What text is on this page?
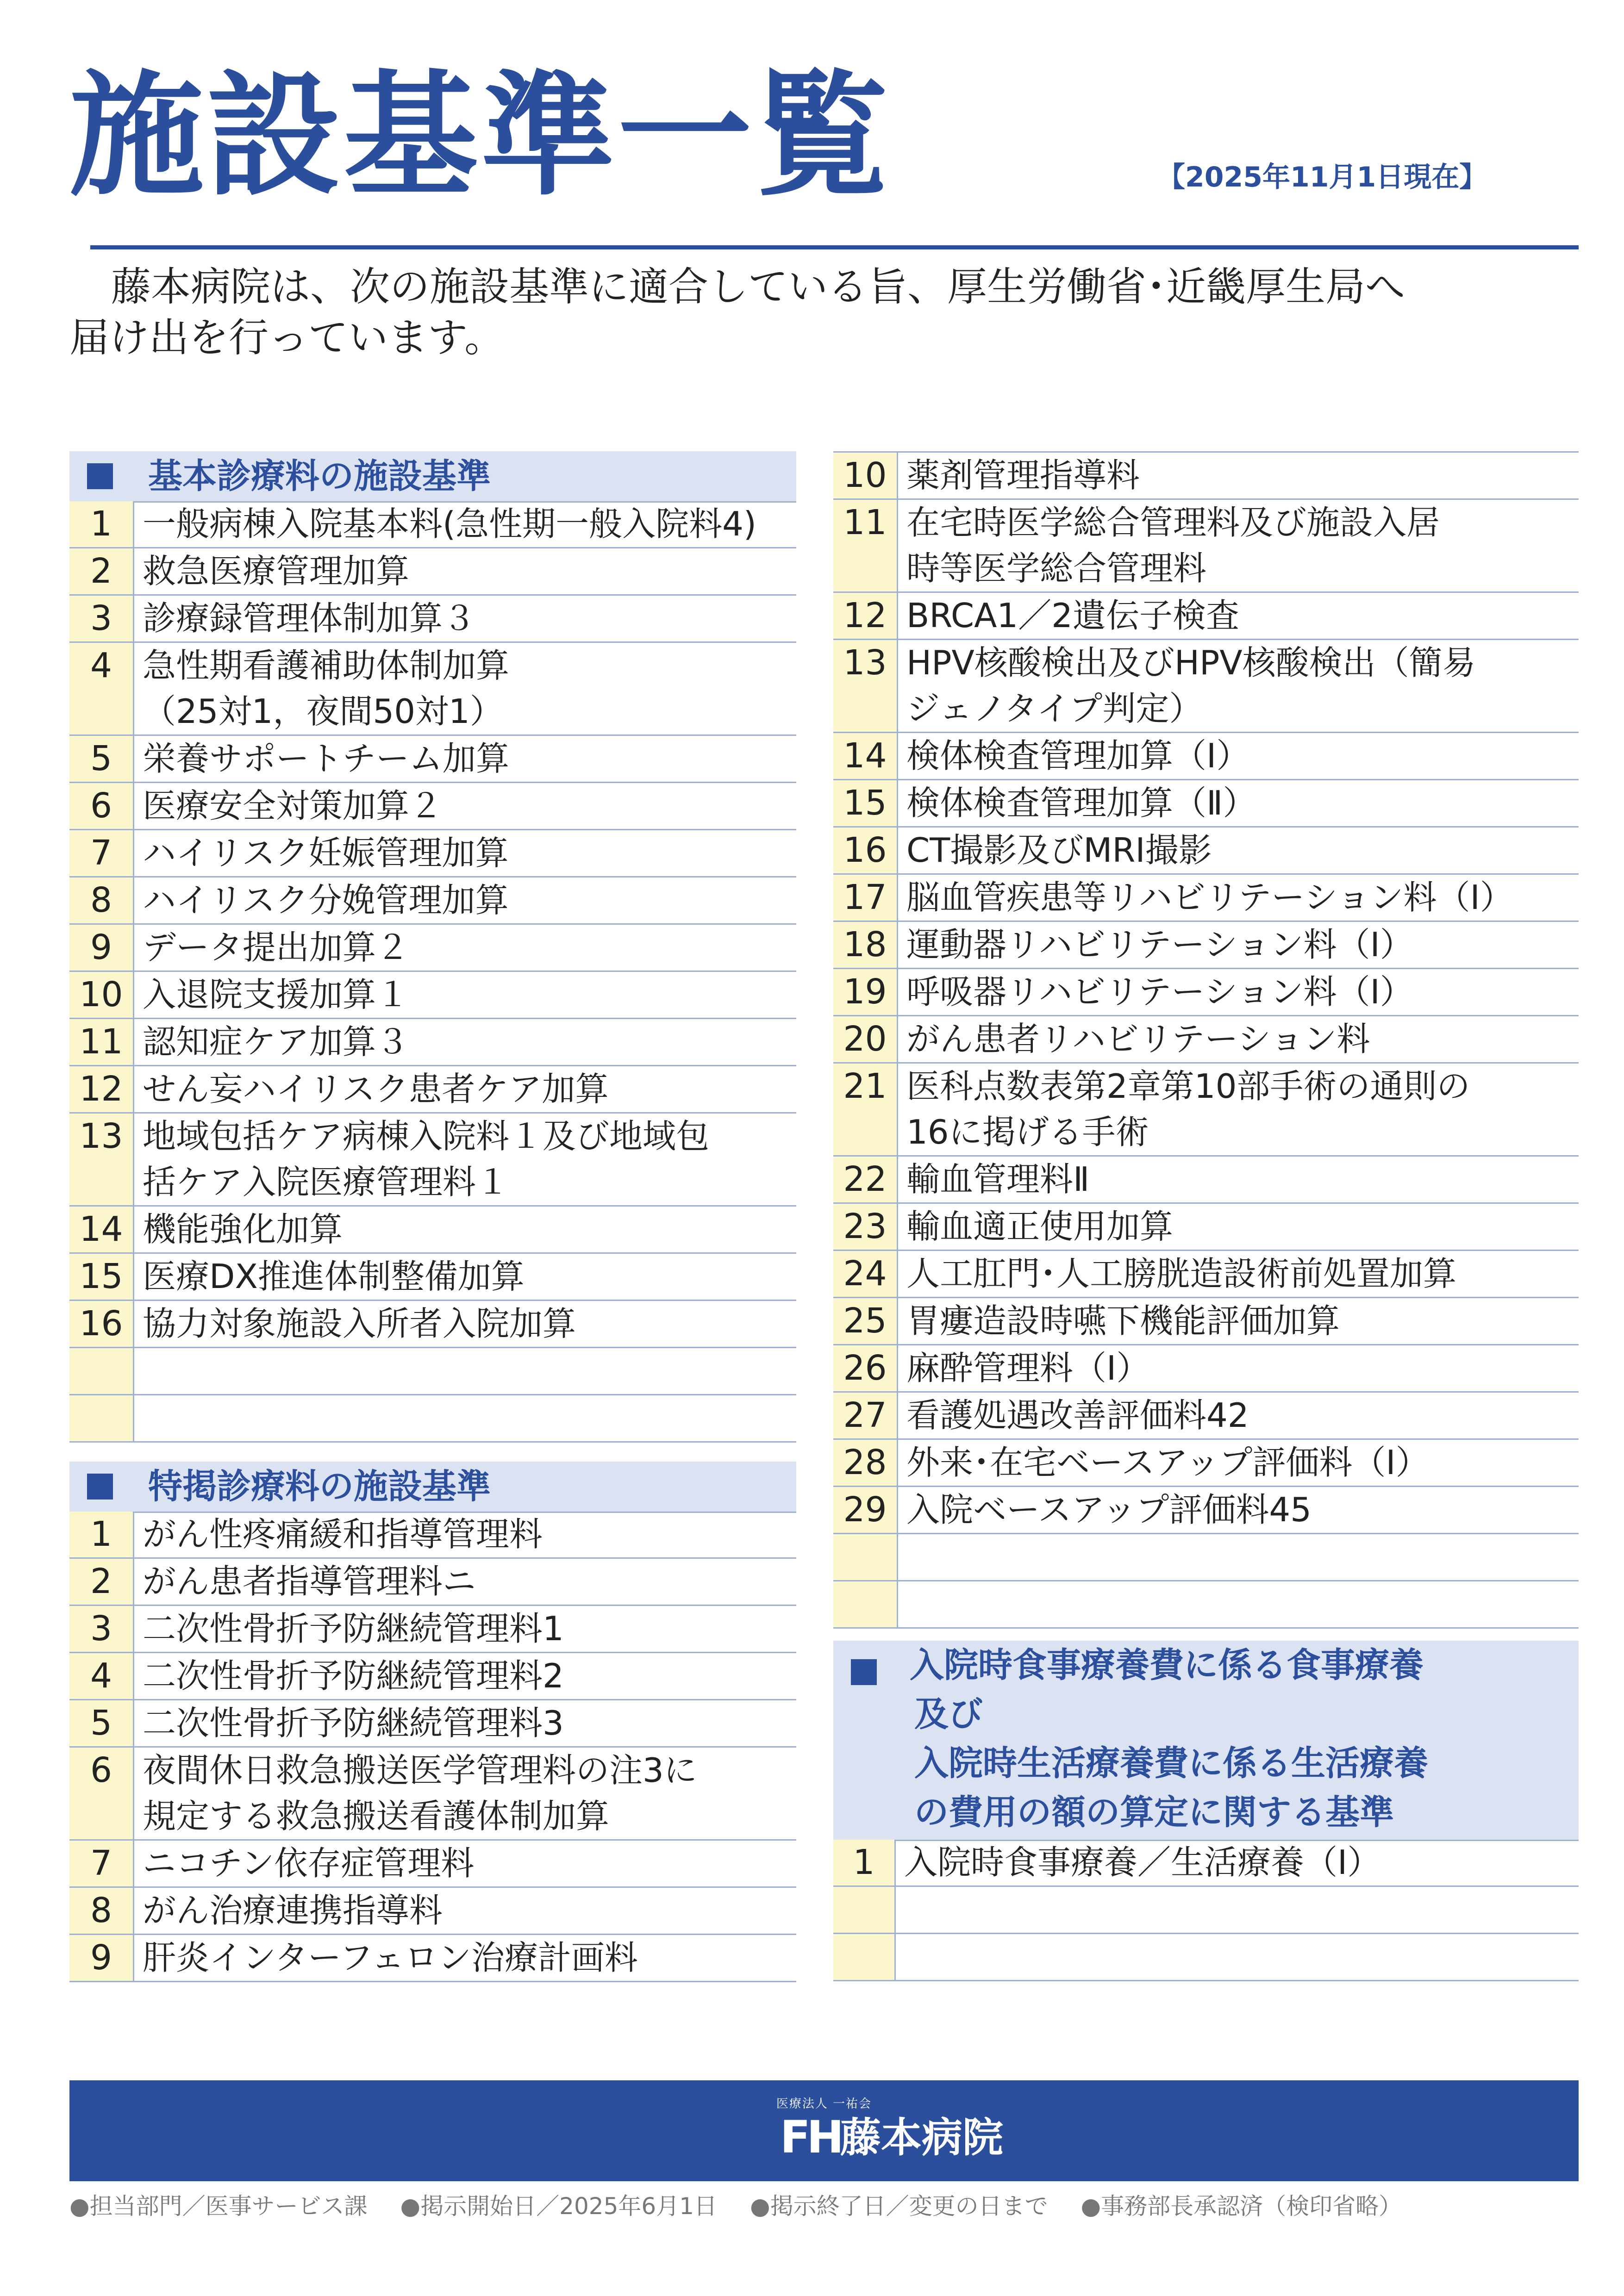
施設基準一覧	【2025年11月1日現在】
藤本病院は、次の施設基準に適合している旨、厚生労働省･近畿厚生局へ
届け出を行っています。
基本診療料の施設基準
1 一般病棟入院基本料(急性期一般入院料4)
2 救急医療管理加算
3 診療録管理体制加算３
4 急性期看護補助体制加算
（25対1，夜間50対1）
5 栄養サポートチーム加算
6 医療安全対策加算２
7 ハイリスク妊娠管理加算
8 ハイリスク分娩管理加算
9 データ提出加算２
10 入退院支援加算１
11 認知症ケア加算３
12 せん妄ハイリスク患者ケア加算
13 地域包括ケア病棟入院料１及び地域包
括ケア入院医療管理料１
14 機能強化加算
15 医療DX推進体制整備加算
16 協力対象施設入所者入院加算

特掲診療料の施設基準
1 がん性疼痛緩和指導管理料
2 がん患者指導管理料ニ
3 二次性骨折予防継続管理料1
4 二次性骨折予防継続管理料2
5 二次性骨折予防継続管理料3
6 夜間休日救急搬送医学管理料の注3に
規定する救急搬送看護体制加算
7 ニコチン依存症管理料
8 がん治療連携指導料
9 肝炎インターフェロン治療計画料
10 薬剤管理指導料
11 在宅時医学総合管理料及び施設入居
時等医学総合管理料
12 BRCA1／2遺伝子検査
13 HPV核酸検出及びHPV核酸検出（簡易
ジェノタイプ判定）
14 検体検査管理加算（Ⅰ）
15 検体検査管理加算（Ⅱ）
16 CT撮影及びMRI撮影
17 脳血管疾患等リハビリテーション料（Ⅰ）
18 運動器リハビリテーション料（Ⅰ）
19 呼吸器リハビリテーション料（Ⅰ）
20 がん患者リハビリテーション料
21 医科点数表第2章第10部手術の通則の
16に掲げる手術
22 輸血管理料Ⅱ
23 輸血適正使用加算
24 人工肛門･人工膀胱造設術前処置加算
25 胃瘻造設時嚥下機能評価加算
26 麻酔管理料（Ⅰ）
27 看護処遇改善評価料42
28 外来･在宅ベースアップ評価料（Ⅰ）
29 入院ベースアップ評価料45

入院時食事療養費に係る食事療養
及び
入院時生活療養費に係る生活療養
の費用の額の算定に関する基準
1 入院時食事療養／生活療養（Ⅰ）

医療法人 一祐会
FH 藤本病院
●担当部門／医事サービス課 ●掲示開始日／2025年6月1日 ●掲示終了日／変更の日まで ●事務部長承認済（検印省略）
